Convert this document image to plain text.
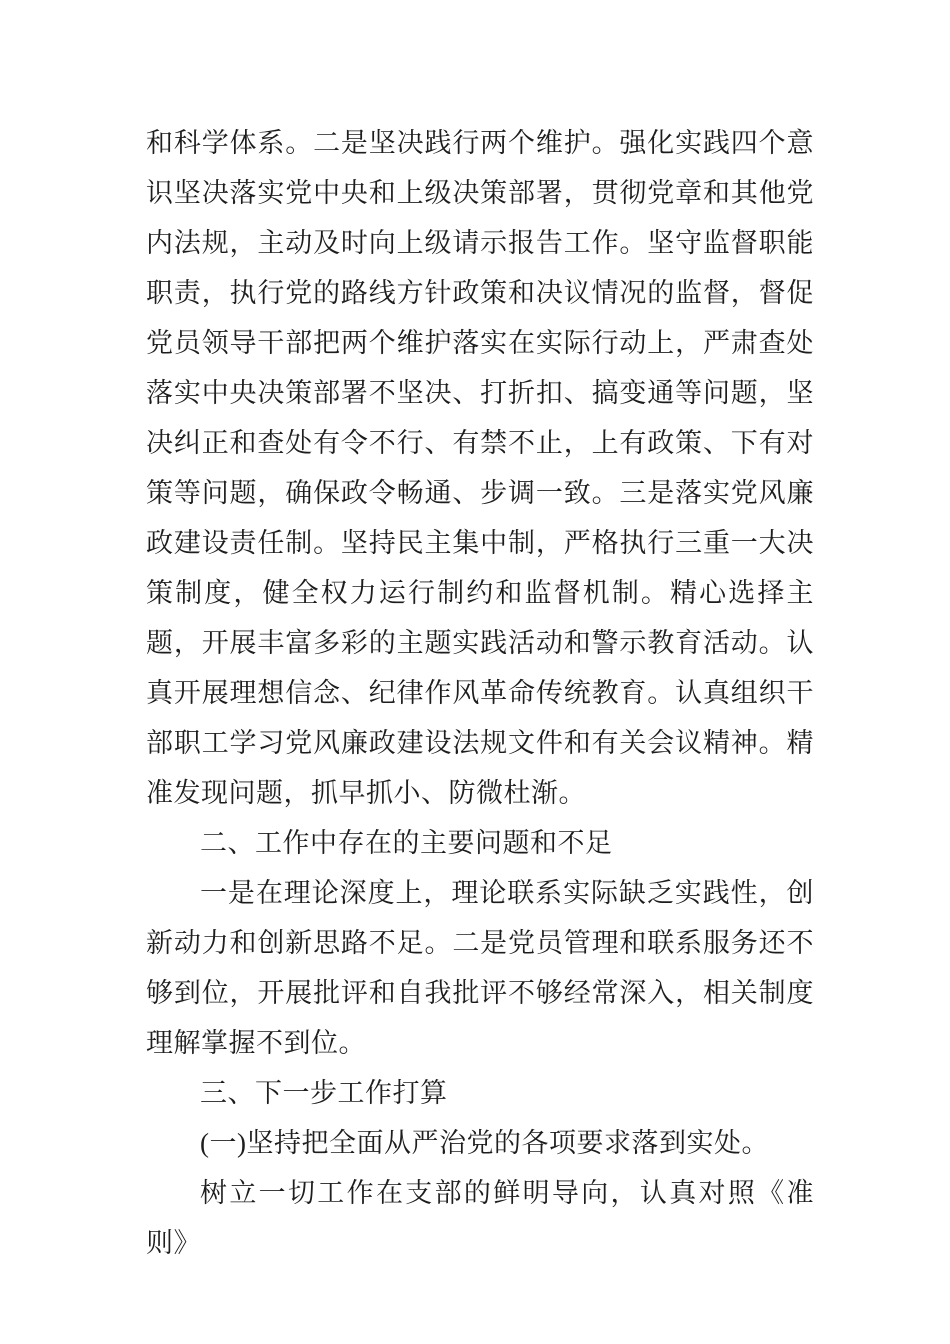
和科学体系。二是坚决践行两个维护。强化实践四个意识坚决落实党中央和上级决策部署，贯彻党章和其他党内法规，主动及时向上级请示报告工作。坚守监督职能职责，执行党的路线方针政策和决议情况的监督，督促党员领导干部把两个维护落实在实际行动上，严肃查处落实中央决策部署不坚决、打折扣、搞变通等问题，坚决纠正和查处有令不行、有禁不止，上有政策、下有对策等问题，确保政令畅通、步调一致。三是落实党风廉政建设责任制。坚持民主集中制，严格执行三重一大决策制度，健全权力运行制约和监督机制。精心选择主题，开展丰富多彩的主题实践活动和警示教育活动。认真开展理想信念、纪律作风革命传统教育。认真组织干部职工学习党风廉政建设法规文件和有关会议精神。精准发现问题，抓早抓小、防微杜渐。

二、工作中存在的主要问题和不足

一是在理论深度上，理论联系实际缺乏实践性，创新动力和创新思路不足。二是党员管理和联系服务还不够到位，开展批评和自我批评不够经常深入，相关制度理解掌握不到位。

三、下一步工作打算

(一)坚持把全面从严治党的各项要求落到实处。

树立一切工作在支部的鲜明导向，认真对照《准则》
